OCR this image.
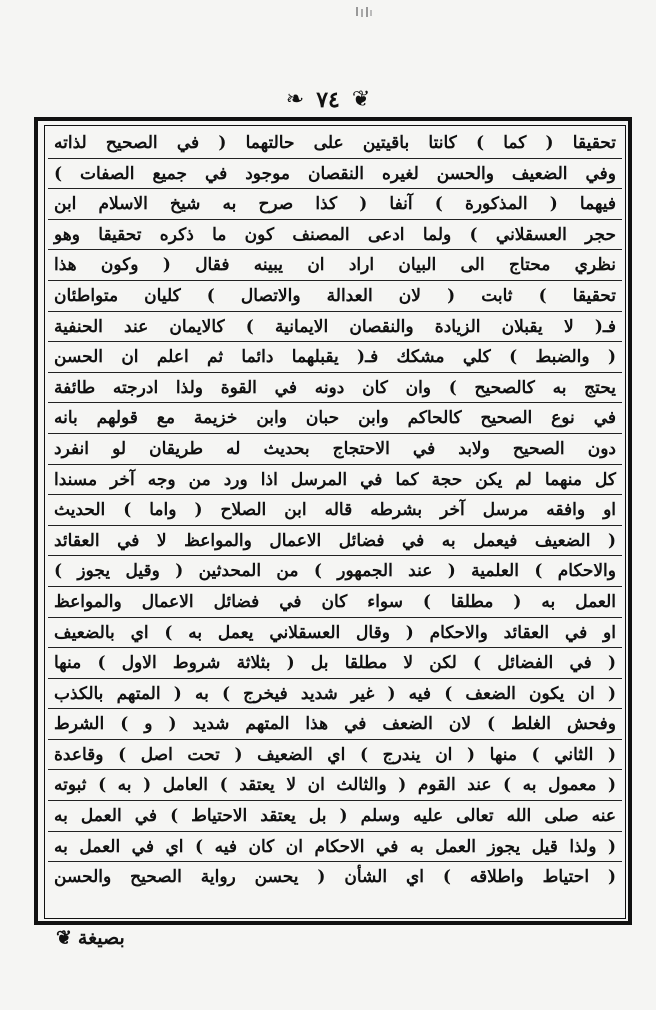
❦
٧٤
❧
تحقيقا ( كما ) كانتا باقيتين على حالتهما ( في الصحيح لذاته
وفي الضعيف والحسن لغيره النقصان موجود في جميع الصفات )
فيهما ( المذكورة ) آنفا ( كذا صرح به شيخ الاسلام ابن
حجر العسقلاني ) ولما ادعى المصنف كون ما ذكره تحقيقا وهو
نظري محتاج الى البيان اراد ان يبينه فقال ( وكون هذا
تحقيقا ) ثابت ( لان العدالة والاتصال ) كليان متواطئان
فـ( لا يقبلان الزيادة والنقصان الايمانية ) كالايمان عند الحنفية
( والضبط ) كلي مشكك فـ( يقبلهما دائما ثم اعلم ان الحسن
يحتج به كالصحيح ) وان كان دونه في القوة ولذا ادرجته طائفة
في نوع الصحيح كالحاكم وابن حبان وابن خزيمة مع قولهم بانه
دون الصحيح ولابد في الاحتجاج بحديث له طريقان لو انفرد
كل منهما لم يكن حجة كما في المرسل اذا ورد من وجه آخر مسندا
او وافقه مرسل آخر بشرطه قاله ابن الصلاح ( واما ) الحديث
( الضعيف فيعمل به في فضائل الاعمال والمواعظ لا في العقائد
والاحكام ) العلمية ( عند الجمهور ) من المحدثين ( وقيل يجوز )
العمل به ( مطلقا ) سواء كان في فضائل الاعمال والمواعظ
او في العقائد والاحكام ( وقال العسقلاني يعمل به ) اي بالضعيف
( في الفضائل ) لكن لا مطلقا بل ( بثلاثة شروط الاول ) منها
( ان يكون الضعف ) فيه ( غير شديد فيخرج ) به ( المتهم بالكذب
وفحش الغلط ) لان الضعف في هذا المتهم شديد ( و ) الشرط
( الثاني ) منها ( ان يندرج ) اي الضعيف ( تحت اصل ) وقاعدة
( معمول به ) عند القوم ( والثالث ان لا يعتقد ) العامل ( به ) ثبوته
عنه صلى الله تعالى عليه وسلم ( بل يعتقد الاحتياط ) في العمل به
( ولذا قيل يجوز العمل به في الاحكام ان كان فيه ) اي في العمل به
( احتياط واطلاقه ) اي الشأن ( يحسن رواية الصحيح والحسن
بصيغة
❦
